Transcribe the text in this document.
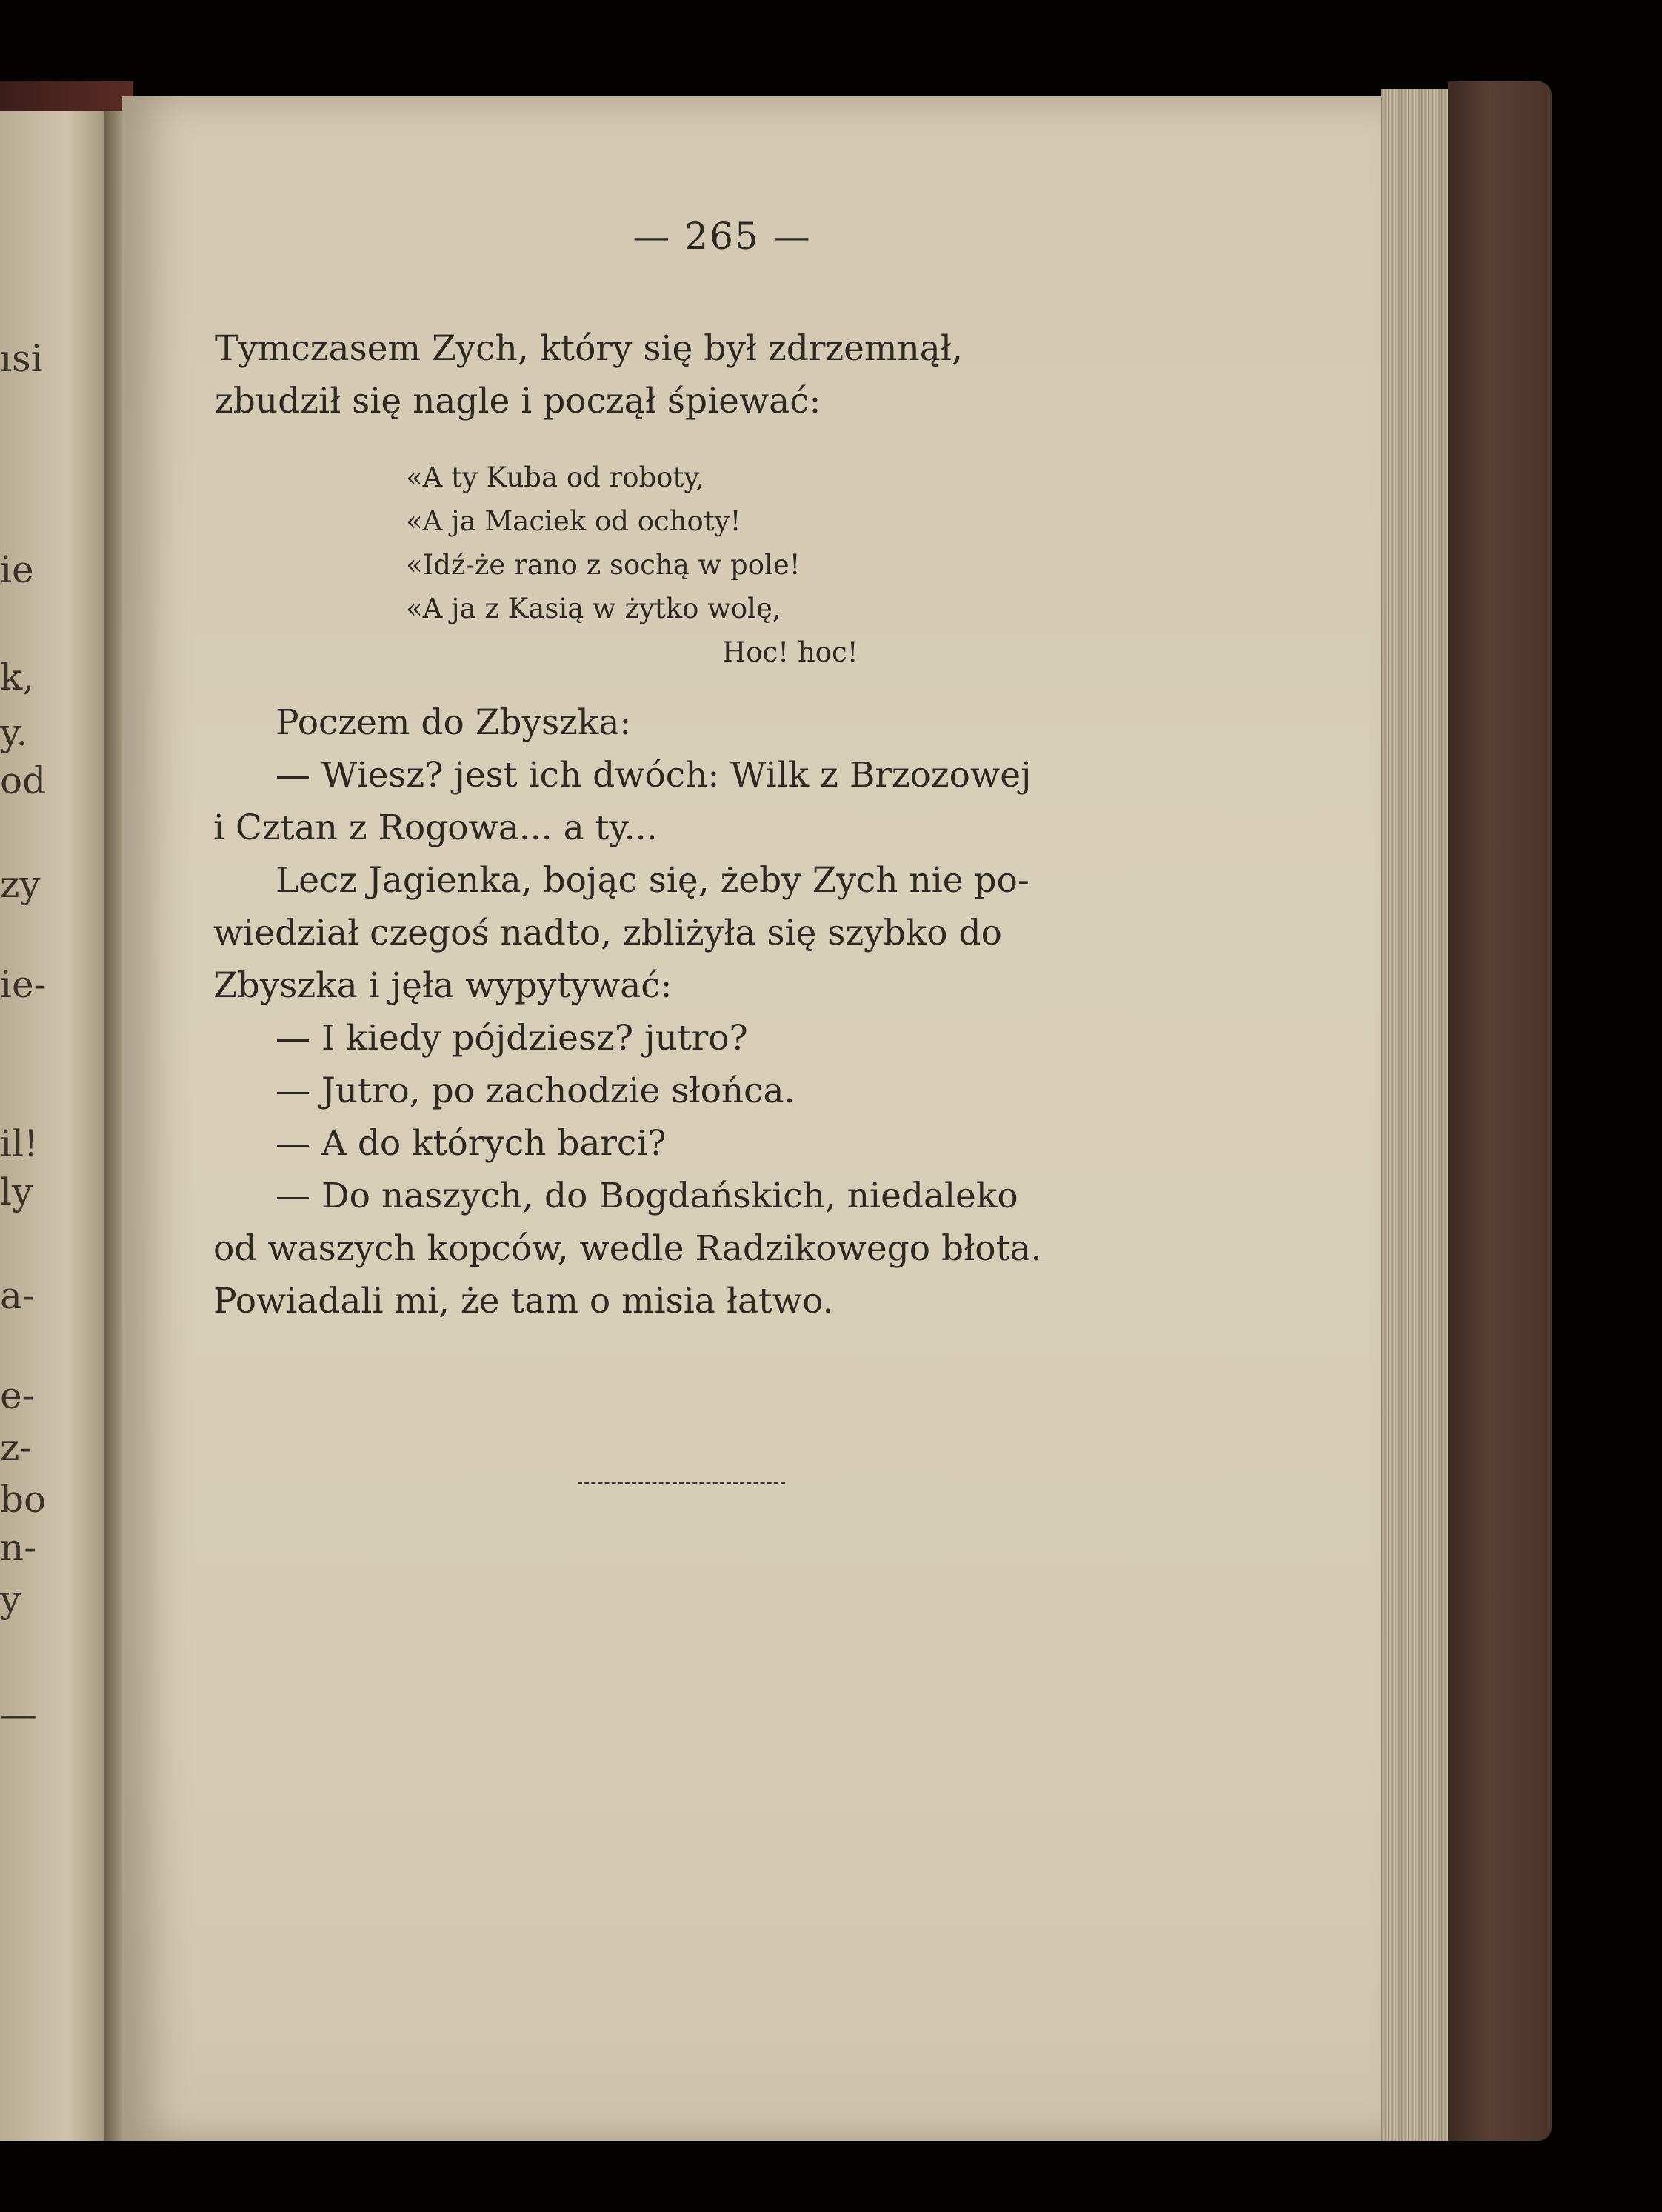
ısi
ie
k,
y.
od
zy
ie-
il!
ly
a-
e-
z-
bo
n-
y
—
— 265 —
Tymczasem Zych, który się był zdrzemnął,
zbudził się nagle i począł śpiewać:
«A ty Kuba od roboty,
«A ja Maciek od ochoty!
«Idź-że rano z sochą w pole!
«A ja z Kasią w żytko wolę,
Hoc! hoc!
Poczem do Zbyszka:
— Wiesz? jest ich dwóch: Wilk z Brzozowej
i Cztan z Rogowa... a ty...
Lecz Jagienka, bojąc się, żeby Zych nie po-
wiedział czegoś nadto, zbliżyła się szybko do
Zbyszka i jęła wypytywać:
— I kiedy pójdziesz? jutro?
— Jutro, po zachodzie słońca.
— A do których barci?
— Do naszych, do Bogdańskich, niedaleko
od waszych kopców, wedle Radzikowego błota.
Powiadali mi, że tam o misia łatwo.
